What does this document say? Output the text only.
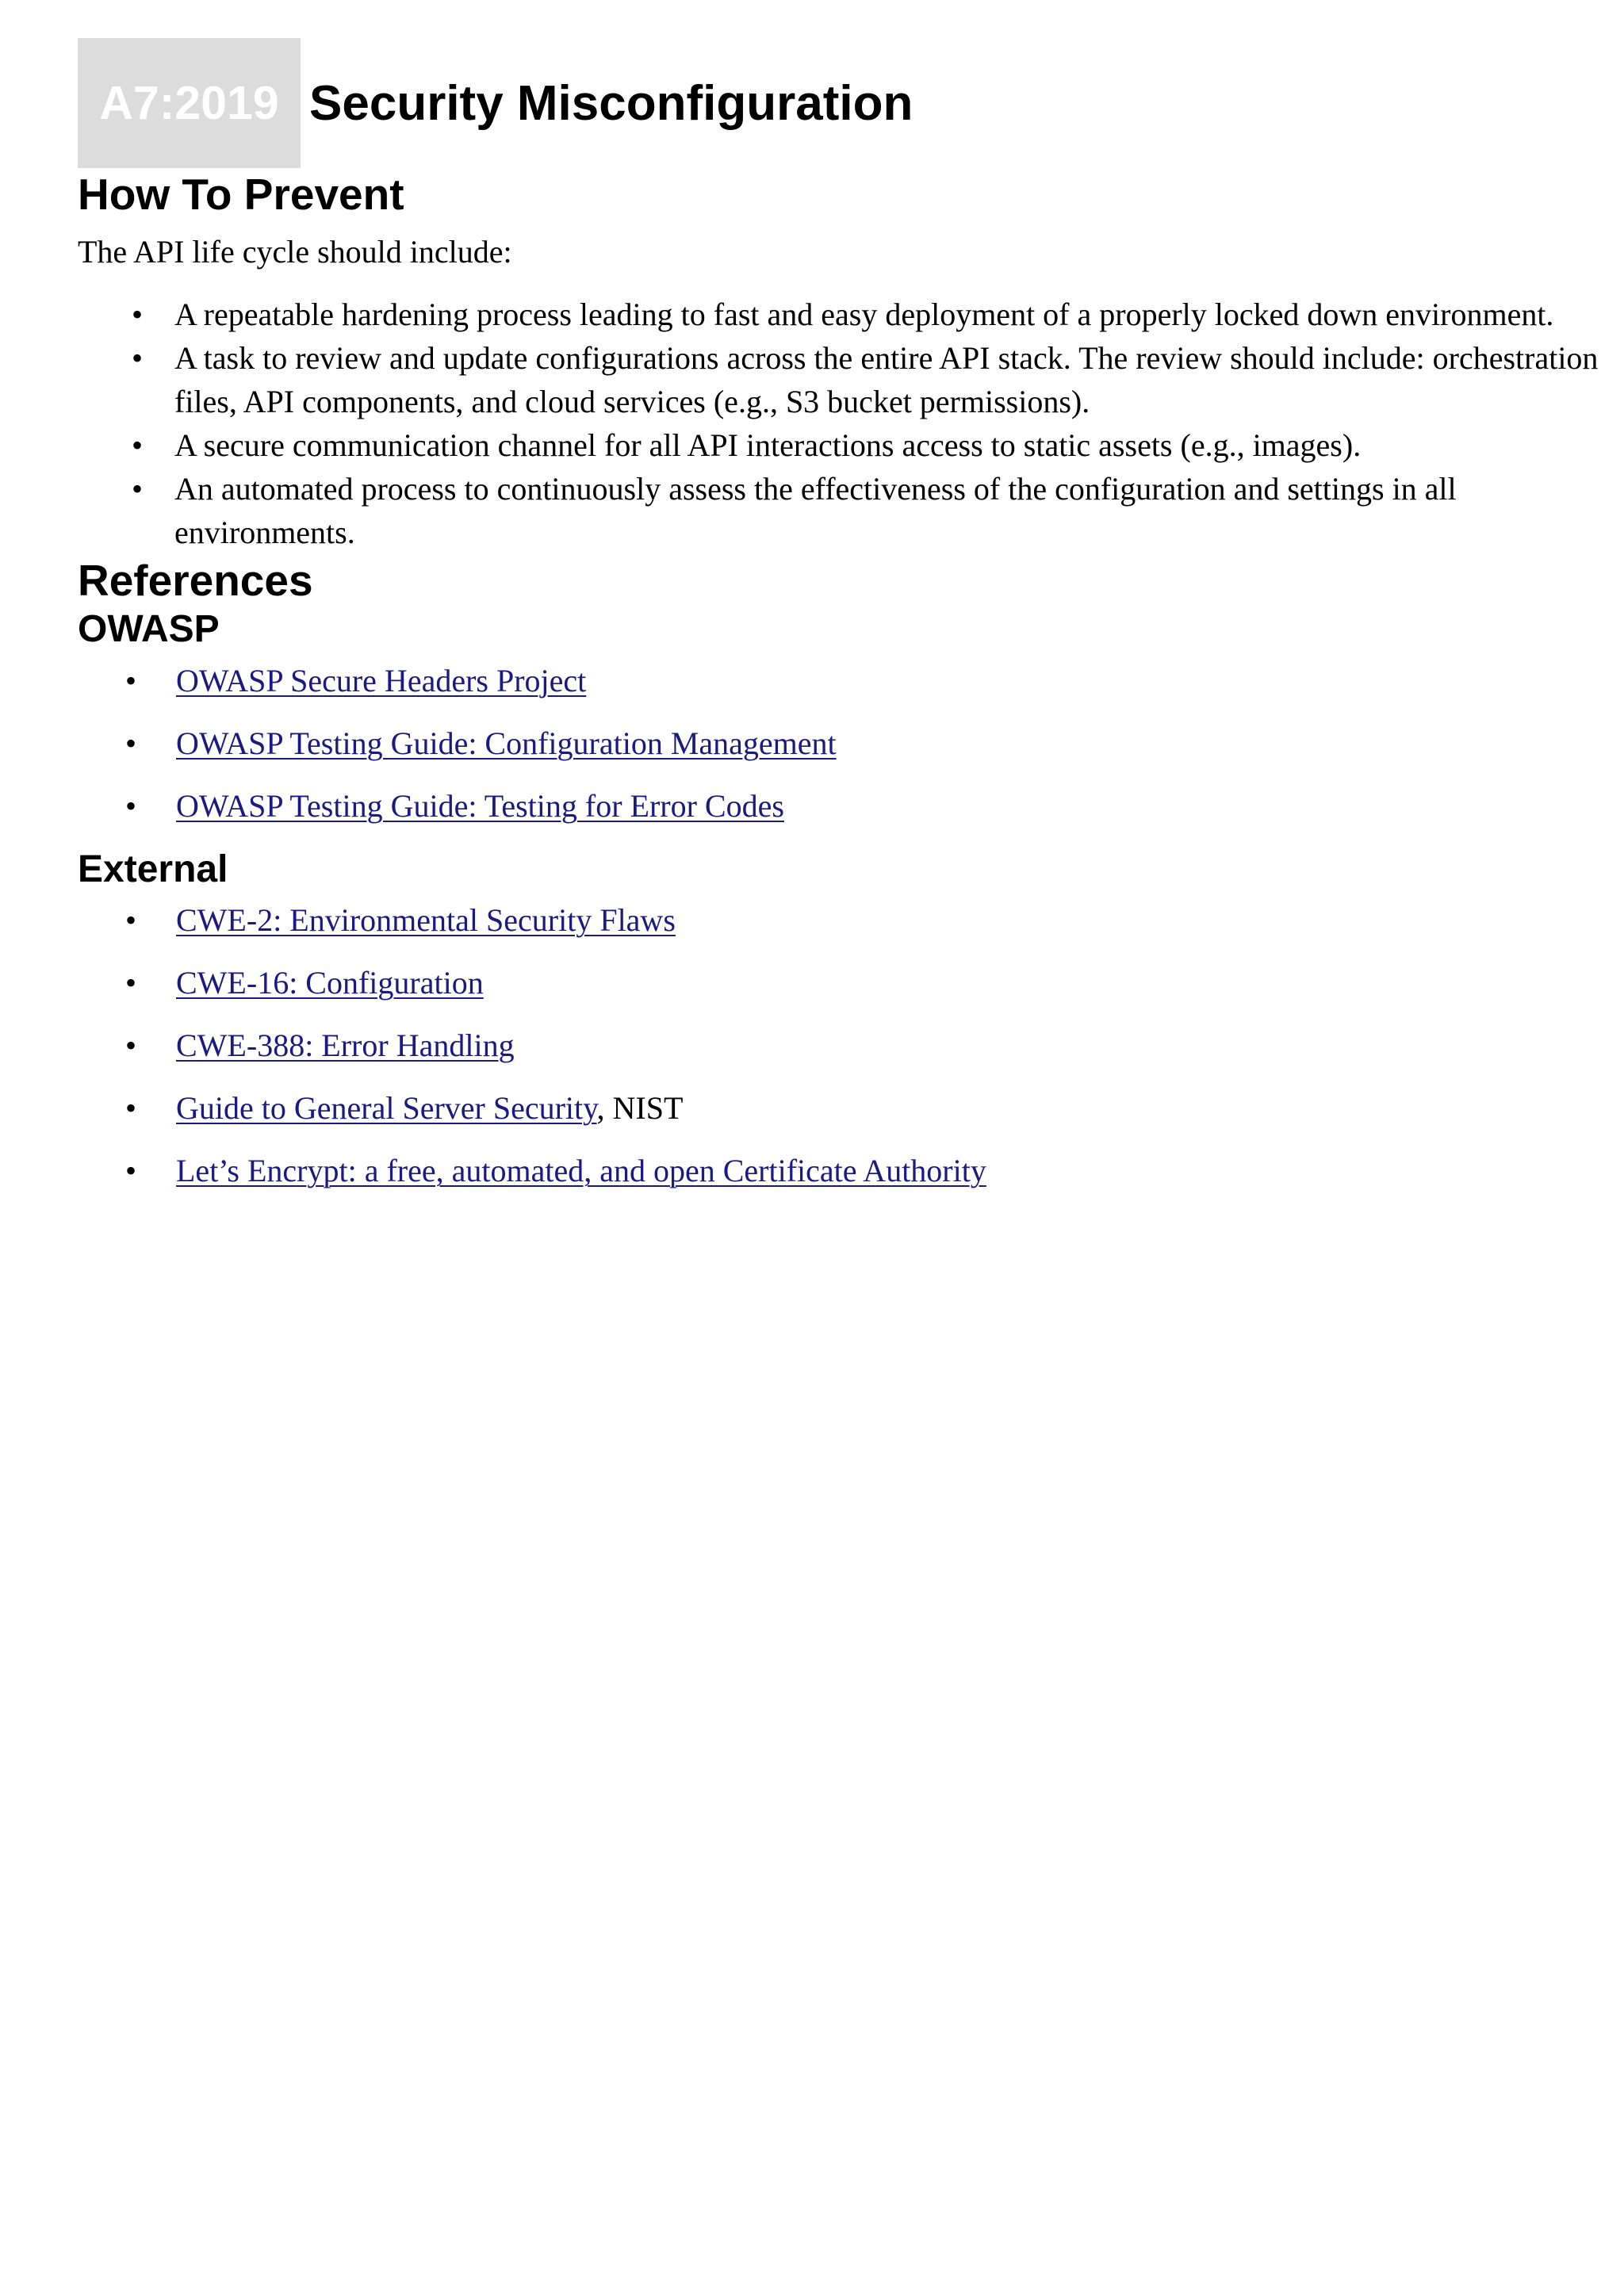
A7:2019 Security Misconfiguration
How To Prevent
The API life cycle should include:
• A repeatable hardening process leading to fast and easy deployment of a properly locked down environment.
• A task to review and update configurations across the entire API stack. The review should include: orchestration files, API components, and cloud services (e.g., S3 bucket permissions).
• A secure communication channel for all API interactions access to static assets (e.g., images).
• An automated process to continuously assess the effectiveness of the configuration and settings in all environments.
References
OWASP
• OWASP Secure Headers Project
• OWASP Testing Guide: Configuration Management
• OWASP Testing Guide: Testing for Error Codes
External
• CWE-2: Environmental Security Flaws
• CWE-16: Configuration
• CWE-388: Error Handling
• Guide to General Server Security, NIST
• Let’s Encrypt: a free, automated, and open Certificate Authority
